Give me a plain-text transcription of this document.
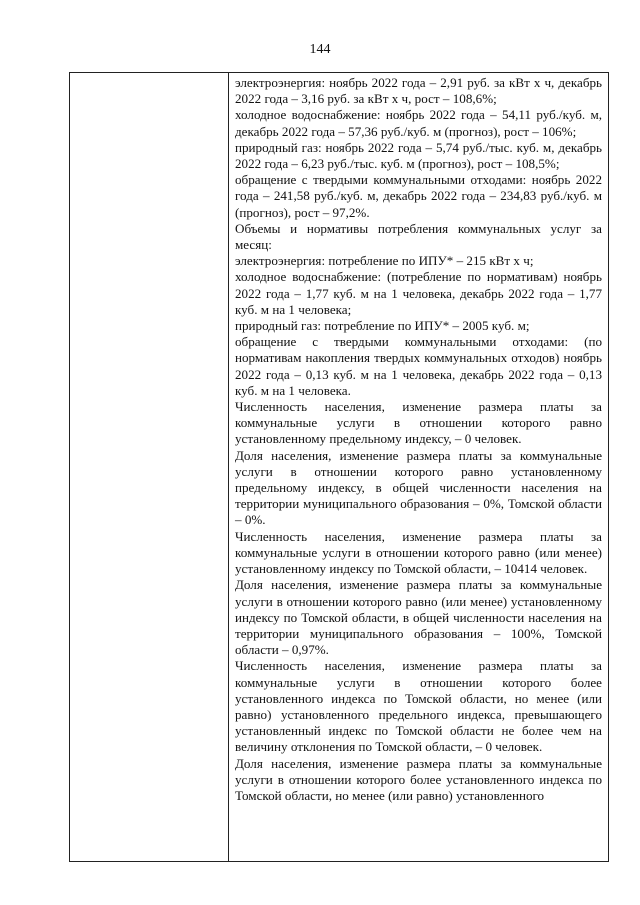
144

электроэнергия: ноябрь 2022 года – 2,91 руб. за кВт х ч, декабрь 2022 года – 3,16 руб. за кВт х ч, рост – 108,6%;

холодное водоснабжение: ноябрь 2022 года – 54,11 руб./куб. м, декабрь 2022 года – 57,36 руб./куб. м (прогноз), рост – 106%;

природный газ: ноябрь 2022 года – 5,74 руб./тыс. куб. м, декабрь 2022 года – 6,23 руб./тыс. куб. м (прогноз), рост – 108,5%;

обращение с твердыми коммунальными отходами: ноябрь 2022 года – 241,58 руб./куб. м, декабрь 2022 года – 234,83 руб./куб. м (прогноз), рост – 97,2%.

Объемы и нормативы потребления коммунальных услуг за месяц:

электроэнергия: потребление по ИПУ* – 215 кВт х ч;

холодное водоснабжение: (потребление по нормативам) ноябрь 2022 года – 1,77 куб. м на 1 человека, декабрь 2022 года – 1,77 куб. м на 1 человека;

природный газ: потребление по ИПУ* – 2005 куб. м;

обращение с твердыми коммунальными отходами: (по нормативам накопления твердых коммунальных отходов) ноябрь 2022 года – 0,13 куб. м на 1 человека, декабрь 2022 года – 0,13 куб. м на 1 человека.

Численность населения, изменение размера платы за коммунальные услуги в отношении которого равно установленному предельному индексу, – 0 человек.

Доля населения, изменение размера платы за коммунальные услуги в отношении которого равно установленному предельному индексу, в общей численности населения на территории муниципального образования – 0%, Томской области – 0%.

Численность населения, изменение размера платы за коммунальные услуги в отношении которого равно (или менее) установленному индексу по Томской области, – 10414 человек.

Доля населения, изменение размера платы за коммунальные услуги в отношении которого равно (или менее) установленному индексу по Томской области, в общей численности населения на территории муниципального образования – 100%, Томской области – 0,97%.

Численность населения, изменение размера платы за коммунальные услуги в отношении которого более установленного индекса по Томской области, но менее (или равно) установленного предельного индекса, превышающего установленный индекс по Томской области не более чем на величину отклонения по Томской области, – 0 человек.

Доля населения, изменение размера платы за коммунальные услуги в отношении которого более установленного индекса по Томской области, но менее (или равно) установленного
